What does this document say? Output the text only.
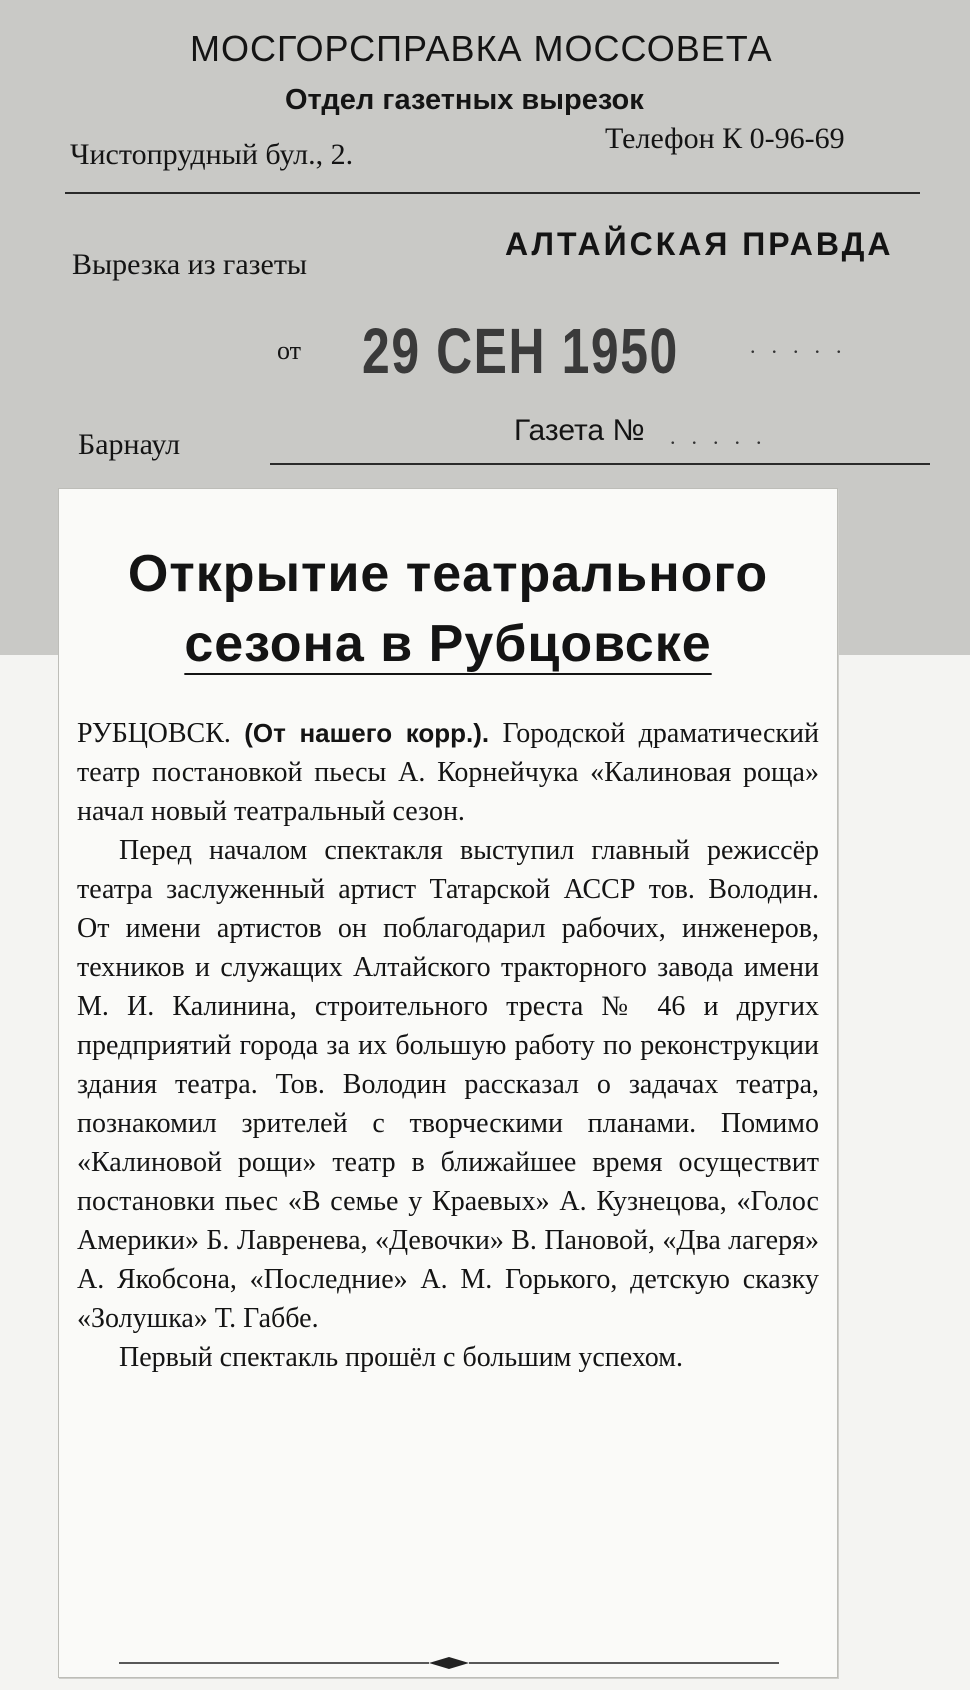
МОСГОРСПРАВКА МОССОВЕТА
Отдел газетных вырезок
Чистопрудный бул., 2.	Телефон К 0-96-69
Вырезка из газеты
АЛТАЙСКАЯ ПРАВДА
от 29 СЕН 1950	.....
Барнаул	Газета № .....
Открытие театрального
сезона в Рубцовске

РУБЦОВСК. (От нашего корр.). Городской драматический театр постановкой пьесы А. Корнейчука «Калиновая роща» начал новый театральный сезон.

Перед началом спектакля выступил главный режиссёр театра заслуженный артист Татарской АССР тов. Володин. От имени артистов он поблагодарил рабочих, инженеров, техников и служащих Алтайского тракторного завода имени М. И. Калинина, строительного треста № 46 и других предприятий города за их большую работу по реконструкции здания театра. Тов. Володин рассказал о задачах театра, познакомил зрителей с творческими планами. Помимо «Калиновой рощи» театр в ближайшее время осуществит постановки пьес «В семье у Краевых» А. Кузнецова, «Голос Америки» Б. Лавренева, «Девочки» В. Пановой, «Два лагеря» А. Якобсона, «Последние» А. М. Горького, детскую сказку «Золушка» Т. Габбе.

Первый спектакль прошёл с большим успехом.
